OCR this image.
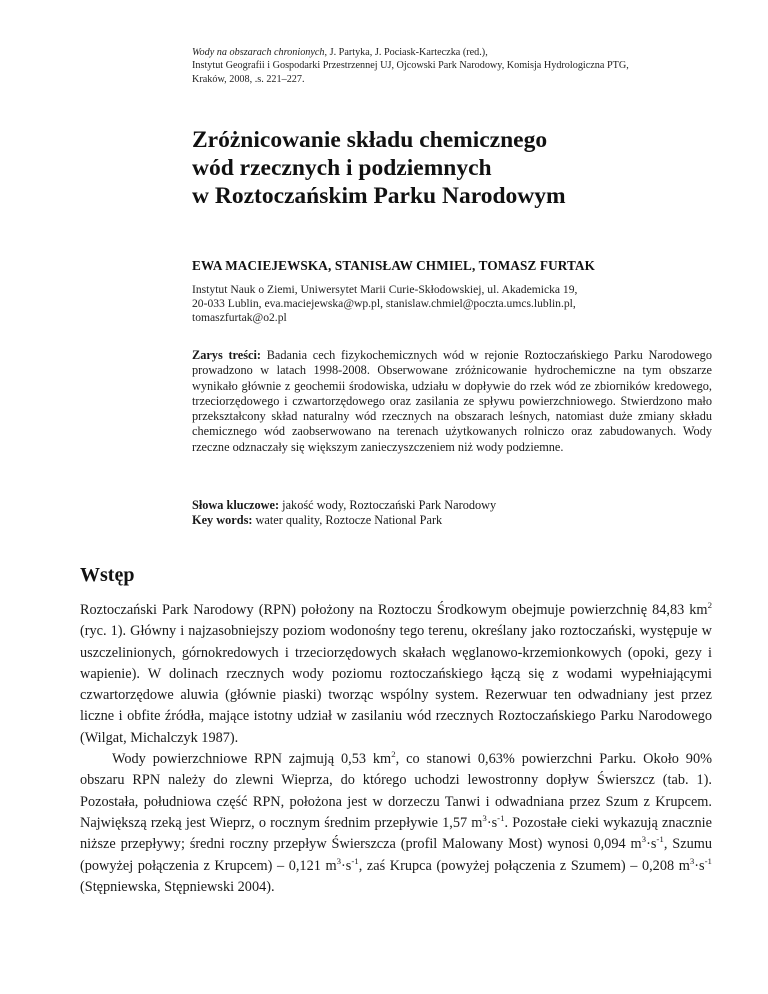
Wody na obszarach chronionych, J. Partyka, J. Pociask-Karteczka (red.),
Instytut Geografii i Gospodarki Przestrzennej UJ, Ojcowski Park Narodowy, Komisja Hydrologiczna PTG,
Kraków, 2008, .s. 221–227.
Zróżnicowanie składu chemicznego
wód rzecznych i podziemnych
w Roztoczańskim Parku Narodowym
EWA MACIEJEWSKA, STANISŁAW CHMIEL, TOMASZ FURTAK
Instytut Nauk o Ziemi, Uniwersytet Marii Curie-Skłodowskiej, ul. Akademicka 19,
20-033 Lublin, eva.maciejewska@wp.pl, stanislaw.chmiel@poczta.umcs.lublin.pl,
tomaszfurtak@o2.pl

Zarys treści: Badania cech fizykochemicznych wód w rejonie Roztoczańskiego Parku Narodowego prowadzono w latach 1998-2008. Obserwowane zróżnicowanie hydrochemiczne na tym obszarze wynikało głównie z geochemii środowiska, udziału w dopływie do rzek wód ze zbiorników kredowego, trzeciorzędowego i czwartorzędowego oraz zasilania ze spływu powierzchniowego. Stwierdzono mało przekształcony skład naturalny wód rzecznych na obszarach leśnych, natomiast duże zmiany składu chemicznego wód zaobserwowano na terenach użytkowanych rolniczo oraz zabudowanych. Wody rzeczne odznaczały się większym zanieczyszczeniem niż wody podziemne.

Słowa kluczowe: jakość wody, Roztoczański Park Narodowy
Key words: water quality, Roztocze National Park
Wstęp

Roztoczański Park Narodowy (RPN) położony na Roztoczu Środkowym obejmuje powierzchnię 84,83 $km^2$ (ryc. 1). Główny i najzasobniejszy poziom wodonośny tego terenu, określany jako roztoczański, występuje w uszczelinionych, górnokredowych i trzeciorzędowych skałach węglanowo-krzemionkowych (opoki, gezy i wapienie). W dolinach rzecznych wody poziomu roztoczańskiego łączą się z wodami wypełniającymi czwartorzędowe aluwia (głównie piaski) tworząc wspólny system. Rezerwuar ten odwadniany jest przez liczne i obfite źródła, mające istotny udział w zasilaniu wód rzecznych Roztoczańskiego Parku Narodowego (Wilgat, Michalczyk 1987).

Wody powierzchniowe RPN zajmują 0,53 $km^2$, co stanowi 0,63% powierzchni Parku. Około 90% obszaru RPN należy do zlewni Wieprza, do którego uchodzi lewostronny dopływ Świerszcz (tab. 1). Pozostała, południowa część RPN, położona jest w dorzeczu Tanwi i odwadniana przez Szum z Krupcem. Największą rzeką jest Wieprz, o rocznym średnim przepływie 1,57 $m^3\cdot s^{-1}$. Pozostałe cieki wykazują znacznie niższe przepływy; średni roczny przepływ Świerszcza (profil Malowany Most) wynosi 0,094 $m^3\cdot s^{-1}$, Szumu (powyżej połączenia z Krupcem) – 0,121 $m^3\cdot s^{-1}$, zaś Krupca (powyżej połączenia z Szumem) – 0,208 $m^3\cdot s^{-1}$ (Stępniewska, Stępniewski 2004).
